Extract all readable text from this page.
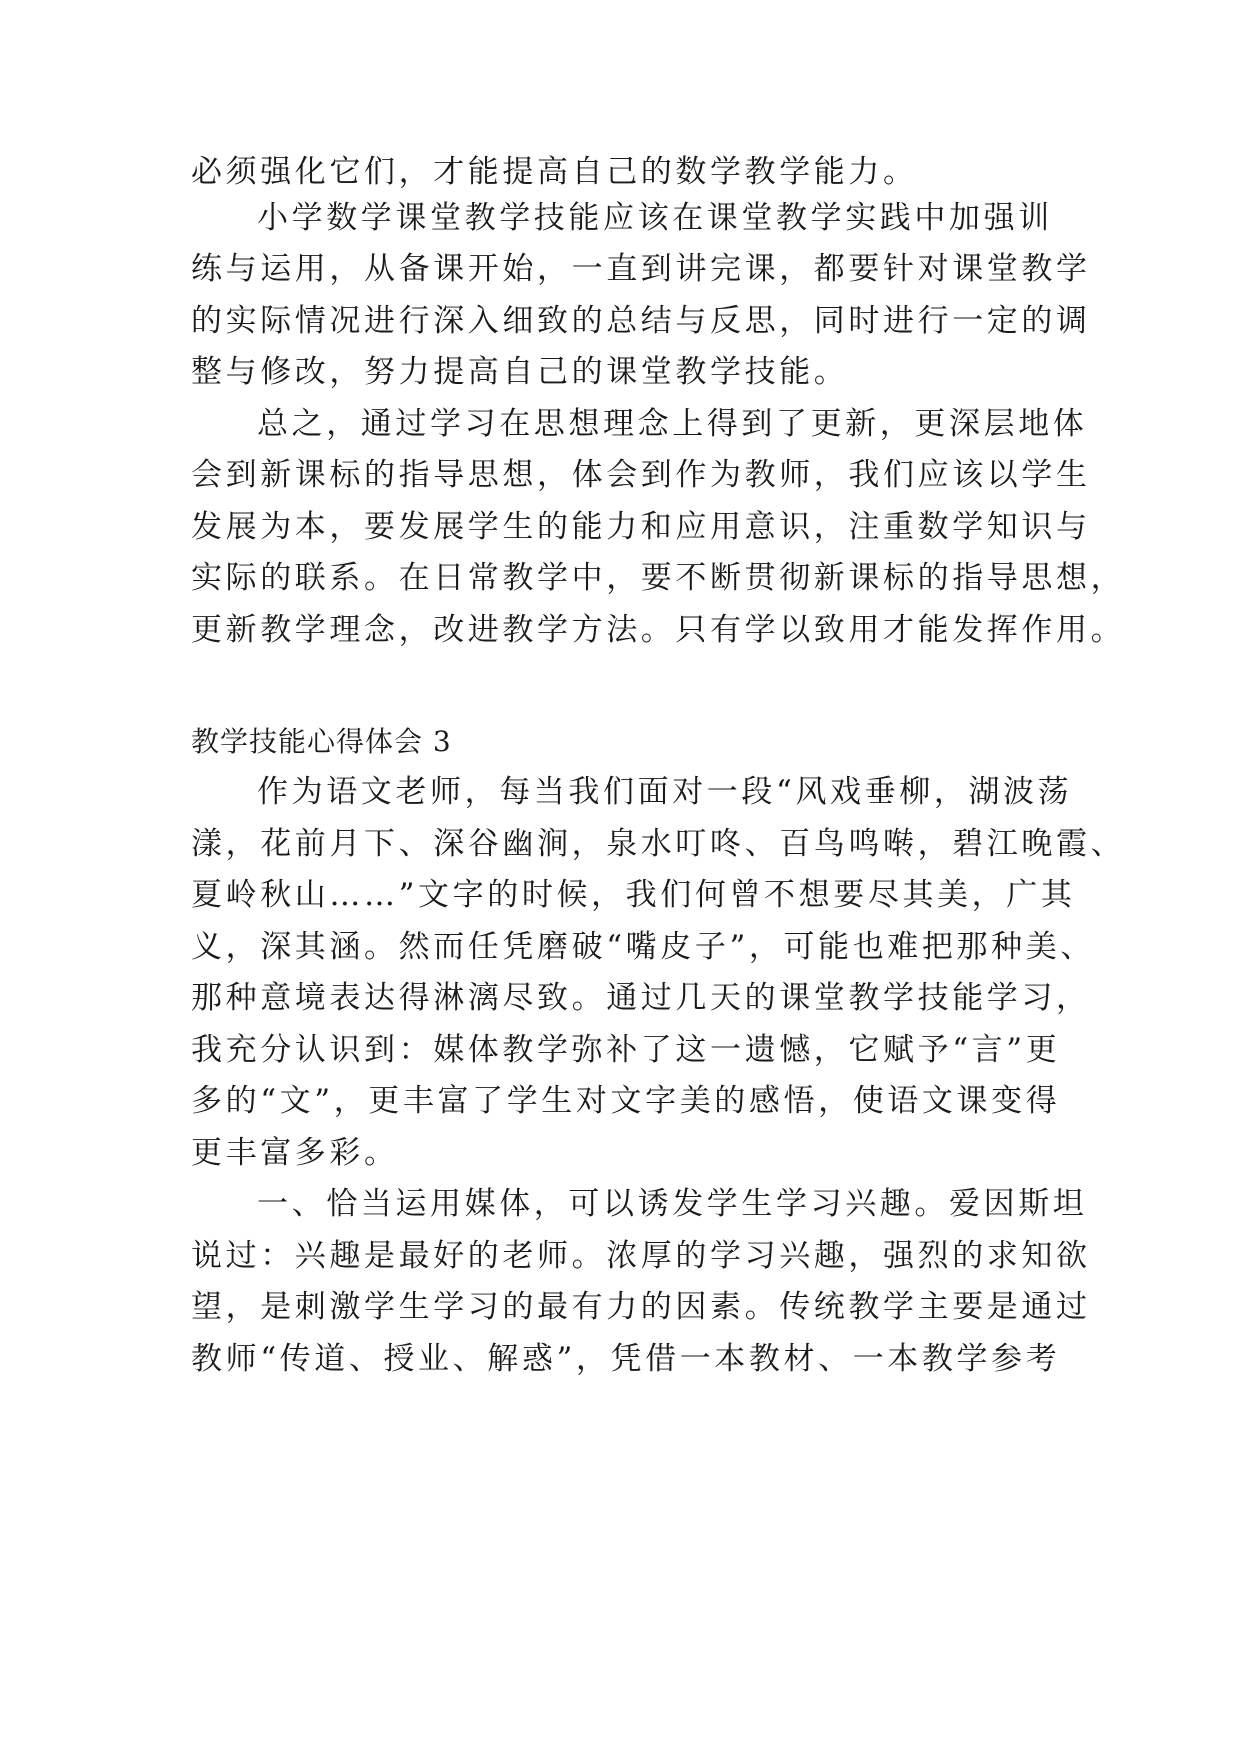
必须强化它们，才能提高自己的数学教学能力。
小学数学课堂教学技能应该在课堂教学实践中加强训
练与运用，从备课开始，一直到讲完课，都要针对课堂教学
的实际情况进行深入细致的总结与反思，同时进行一定的调
整与修改，努力提高自己的课堂教学技能。
总之，通过学习在思想理念上得到了更新，更深层地体
会到新课标的指导思想，体会到作为教师，我们应该以学生
发展为本，要发展学生的能力和应用意识，注重数学知识与
实际的联系。在日常教学中，要不断贯彻新课标的指导思想，
更新教学理念，改进教学方法。只有学以致用才能发挥作用。
教学技能心得体会 3
作为语文老师，每当我们面对一段“风戏垂柳，湖波荡
漾，花前月下、深谷幽涧，泉水叮咚、百鸟鸣啭，碧江晚霞、
夏岭秋山……”文字的时候，我们何曾不想要尽其美，广其
义，深其涵。然而任凭磨破“嘴皮子”，可能也难把那种美、
那种意境表达得淋漓尽致。通过几天的课堂教学技能学习，
我充分认识到：媒体教学弥补了这一遗憾，它赋予“言”更
多的“文”，更丰富了学生对文字美的感悟，使语文课变得
更丰富多彩。
一、恰当运用媒体，可以诱发学生学习兴趣。爱因斯坦
说过：兴趣是最好的老师。浓厚的学习兴趣，强烈的求知欲
望，是刺激学生学习的最有力的因素。传统教学主要是通过
教师“传道、授业、解惑”，凭借一本教材、一本教学参考
